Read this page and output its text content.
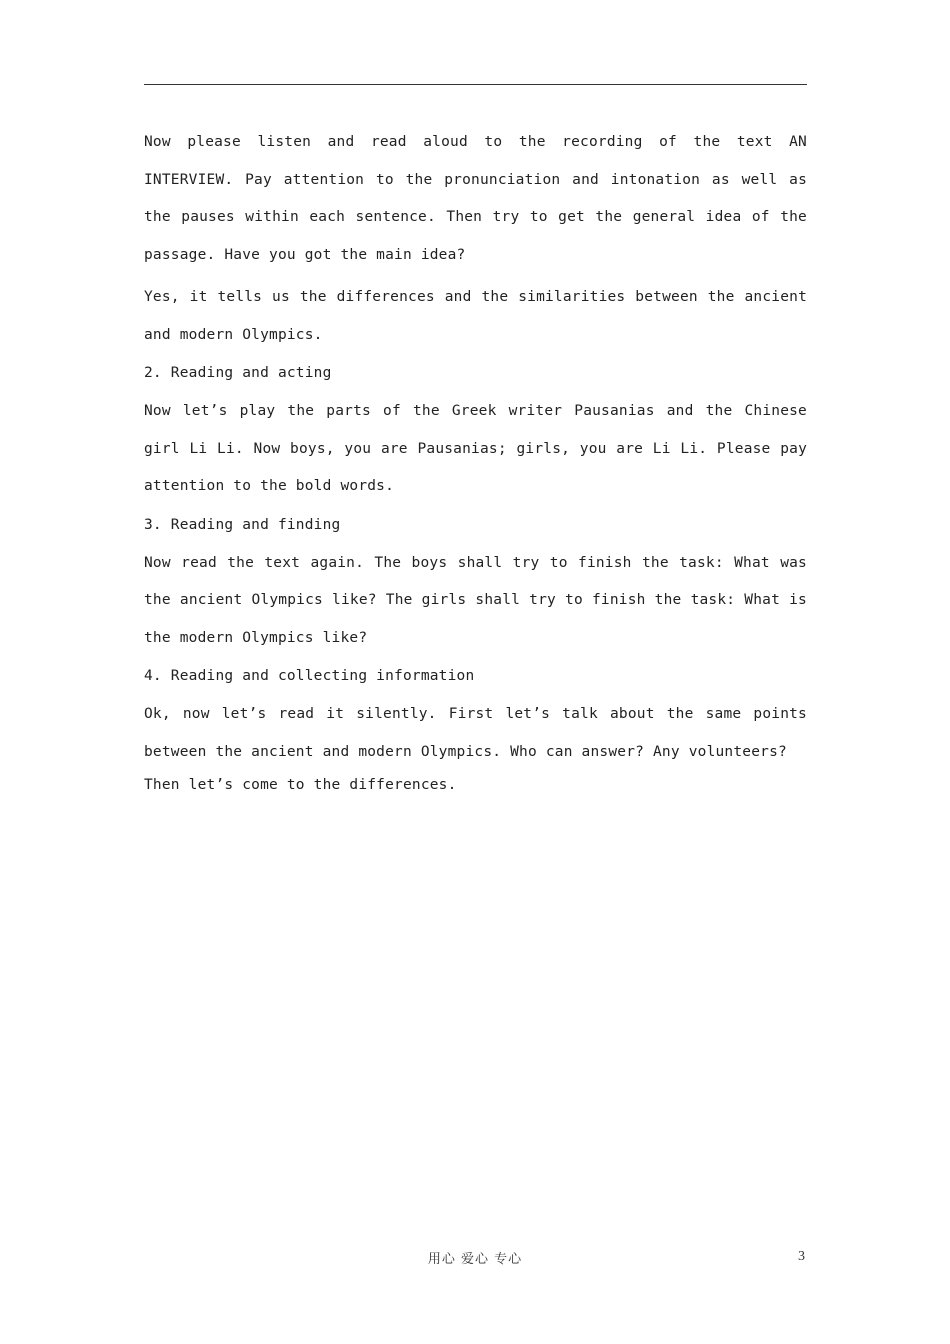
Now please listen and read aloud to the recording of the text AN INTERVIEW. Pay attention to the pronunciation and intonation as well as the pauses within each sentence. Then try to get the general idea of the passage. Have you got the main idea?

Yes, it tells us the differences and the similarities between the ancient and modern Olympics.

2. Reading and acting

Now let’s play the parts of the Greek writer Pausanias and the Chinese girl Li Li. Now boys, you are Pausanias; girls, you are Li Li. Please pay attention to the bold words.

3. Reading and finding

Now read the text again. The boys shall try to finish the task: What was the ancient Olympics like? The girls shall try to finish the task: What is the modern Olympics like?

4. Reading and collecting information

Ok, now let’s read it silently. First let’s talk about the same points between the ancient and modern Olympics. Who can answer? Any volunteers?

Then let’s come to the differences.

用心 爱心 专心	3
